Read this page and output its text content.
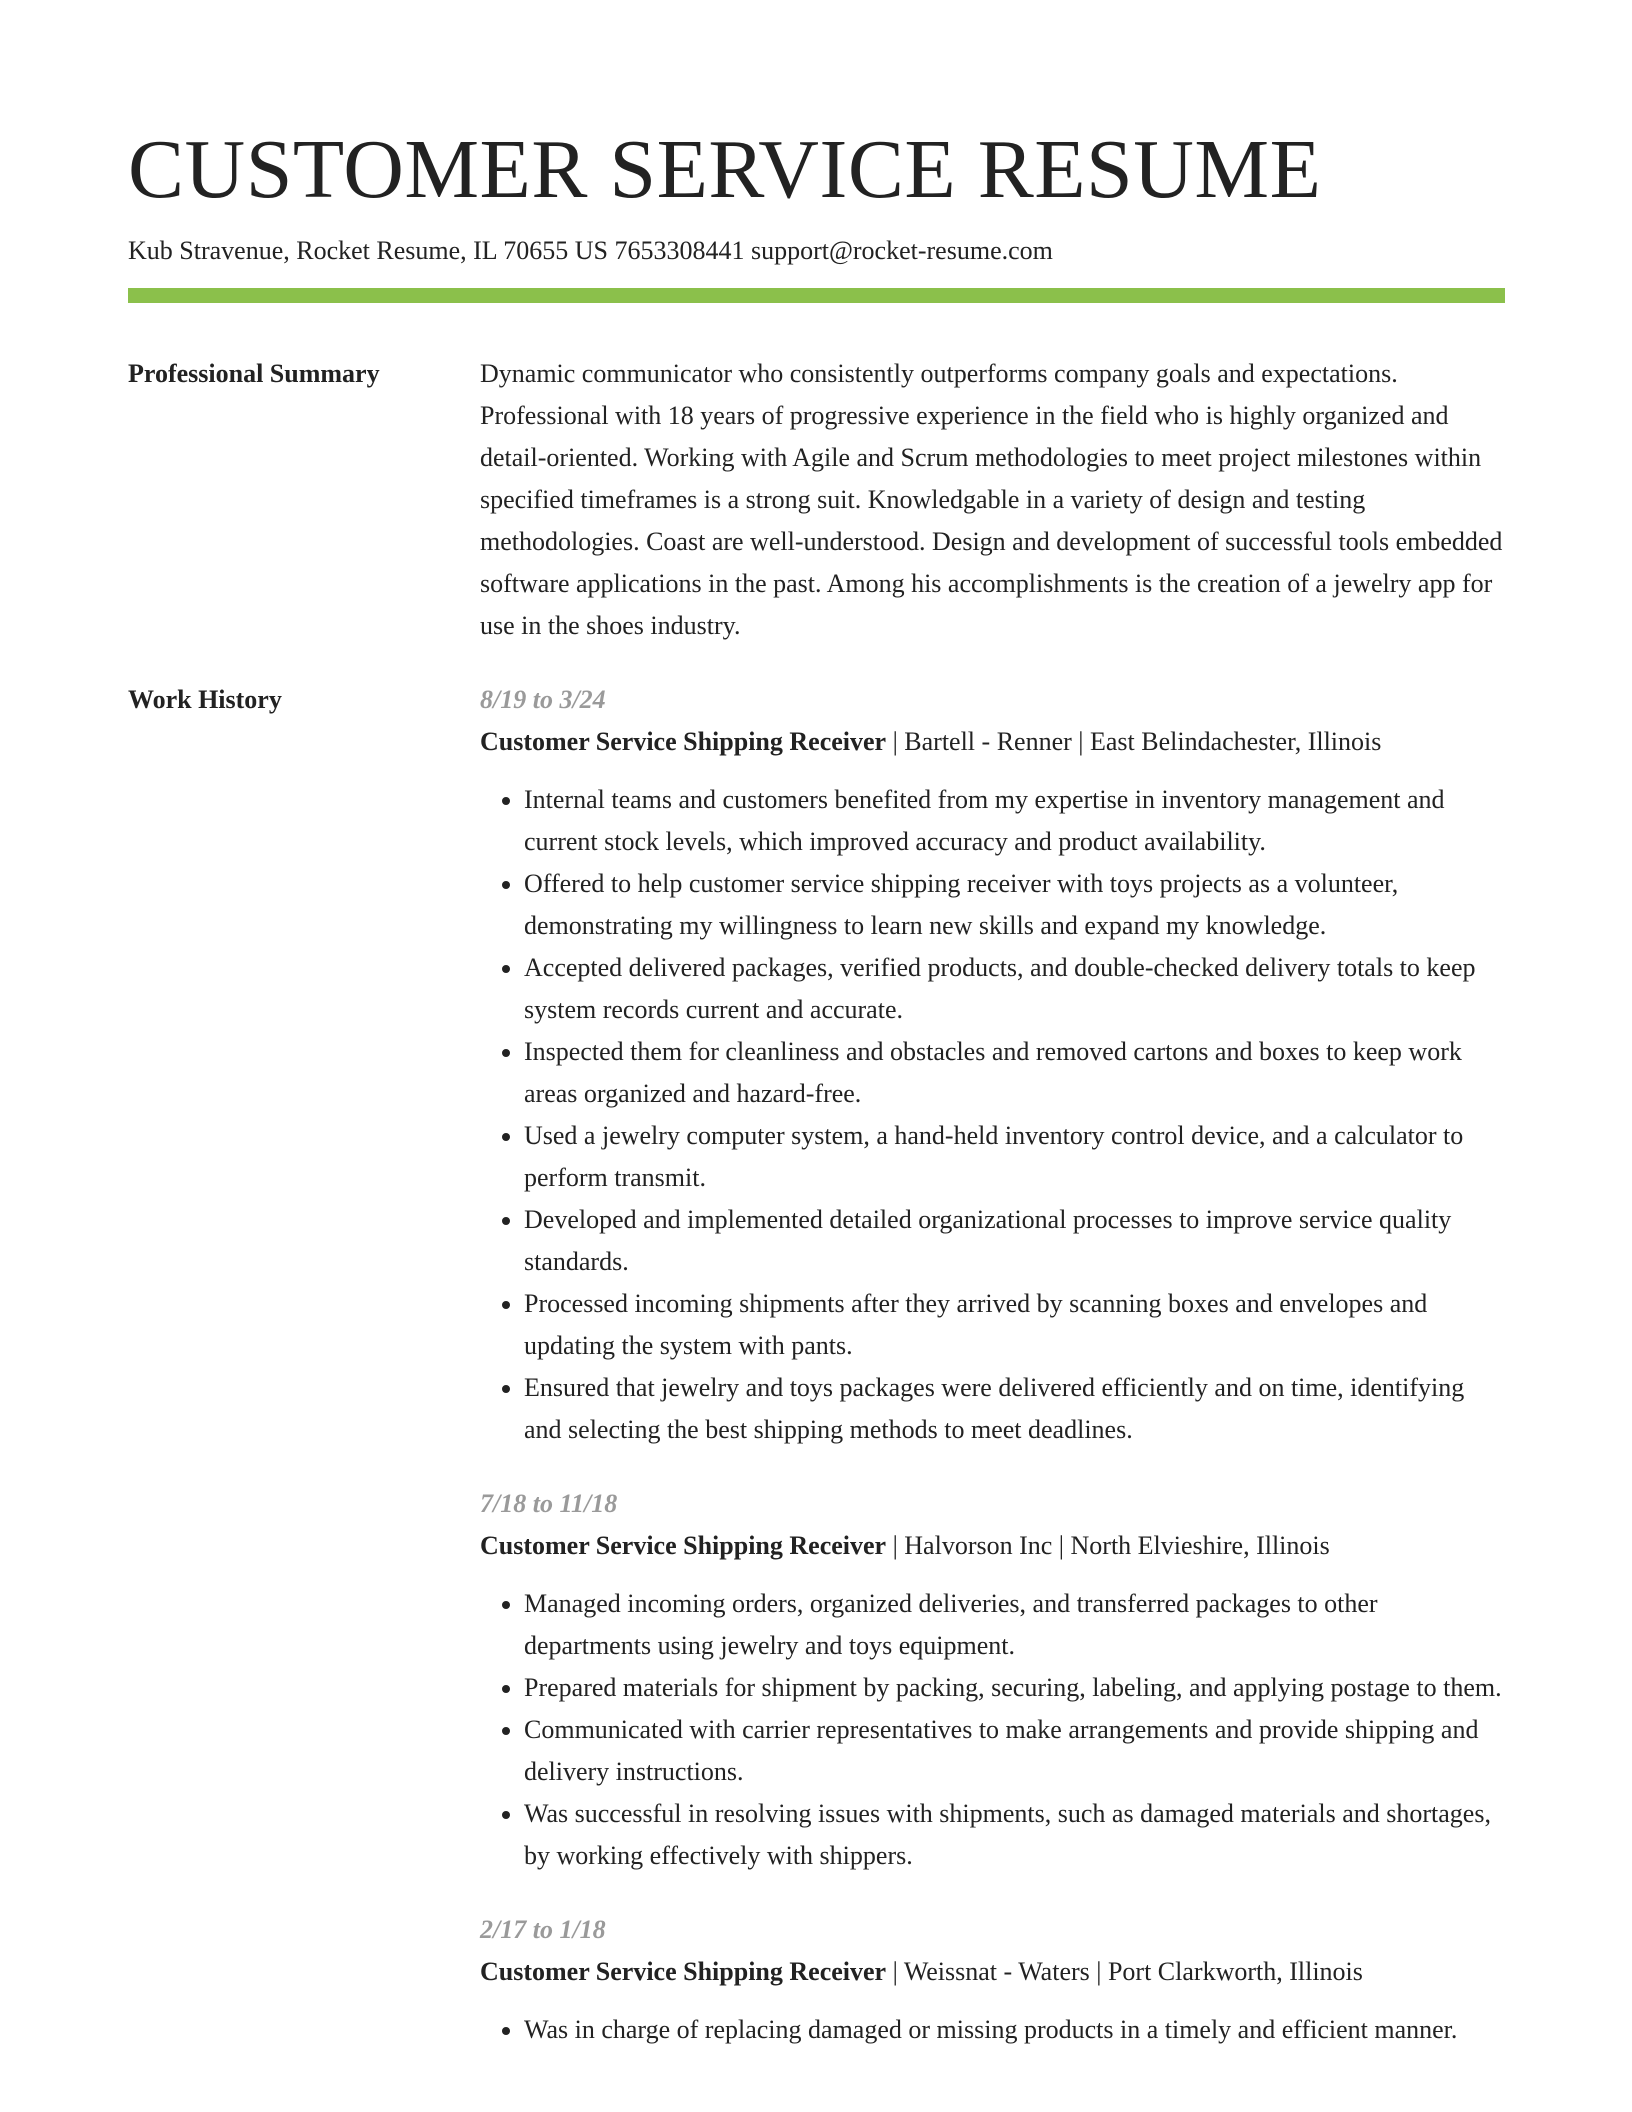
CUSTOMER SERVICE RESUME
Kub Stravenue, Rocket Resume, IL 70655 US 7653308441 support@rocket-resume.com
Professional Summary	Dynamic communicator who consistently outperforms company goals and expectations. Professional with 18 years of progressive experience in the field who is highly organized and detail-oriented. Working with Agile and Scrum methodologies to meet project milestones within specified timeframes is a strong suit. Knowledgable in a variety of design and testing methodologies. Coast are well-understood. Design and development of successful tools embedded software applications in the past. Among his accomplishments is the creation of a jewelry app for use in the shoes industry.

Work History	8/19 to 3/24
Customer Service Shipping Receiver | Bartell - Renner | East Belindachester, Illinois
• Internal teams and customers benefited from my expertise in inventory management and current stock levels, which improved accuracy and product availability.
• Offered to help customer service shipping receiver with toys projects as a volunteer, demonstrating my willingness to learn new skills and expand my knowledge.
• Accepted delivered packages, verified products, and double-checked delivery totals to keep system records current and accurate.
• Inspected them for cleanliness and obstacles and removed cartons and boxes to keep work areas organized and hazard-free.
• Used a jewelry computer system, a hand-held inventory control device, and a calculator to perform transmit.
• Developed and implemented detailed organizational processes to improve service quality standards.
• Processed incoming shipments after they arrived by scanning boxes and envelopes and updating the system with pants.
• Ensured that jewelry and toys packages were delivered efficiently and on time, identifying and selecting the best shipping methods to meet deadlines.
7/18 to 11/18
Customer Service Shipping Receiver | Halvorson Inc | North Elvieshire, Illinois
• Managed incoming orders, organized deliveries, and transferred packages to other departments using jewelry and toys equipment.
• Prepared materials for shipment by packing, securing, labeling, and applying postage to them.
• Communicated with carrier representatives to make arrangements and provide shipping and delivery instructions.
• Was successful in resolving issues with shipments, such as damaged materials and shortages, by working effectively with shippers.
2/17 to 1/18
Customer Service Shipping Receiver | Weissnat - Waters | Port Clarkworth, Illinois
• Was in charge of replacing damaged or missing products in a timely and efficient manner.
